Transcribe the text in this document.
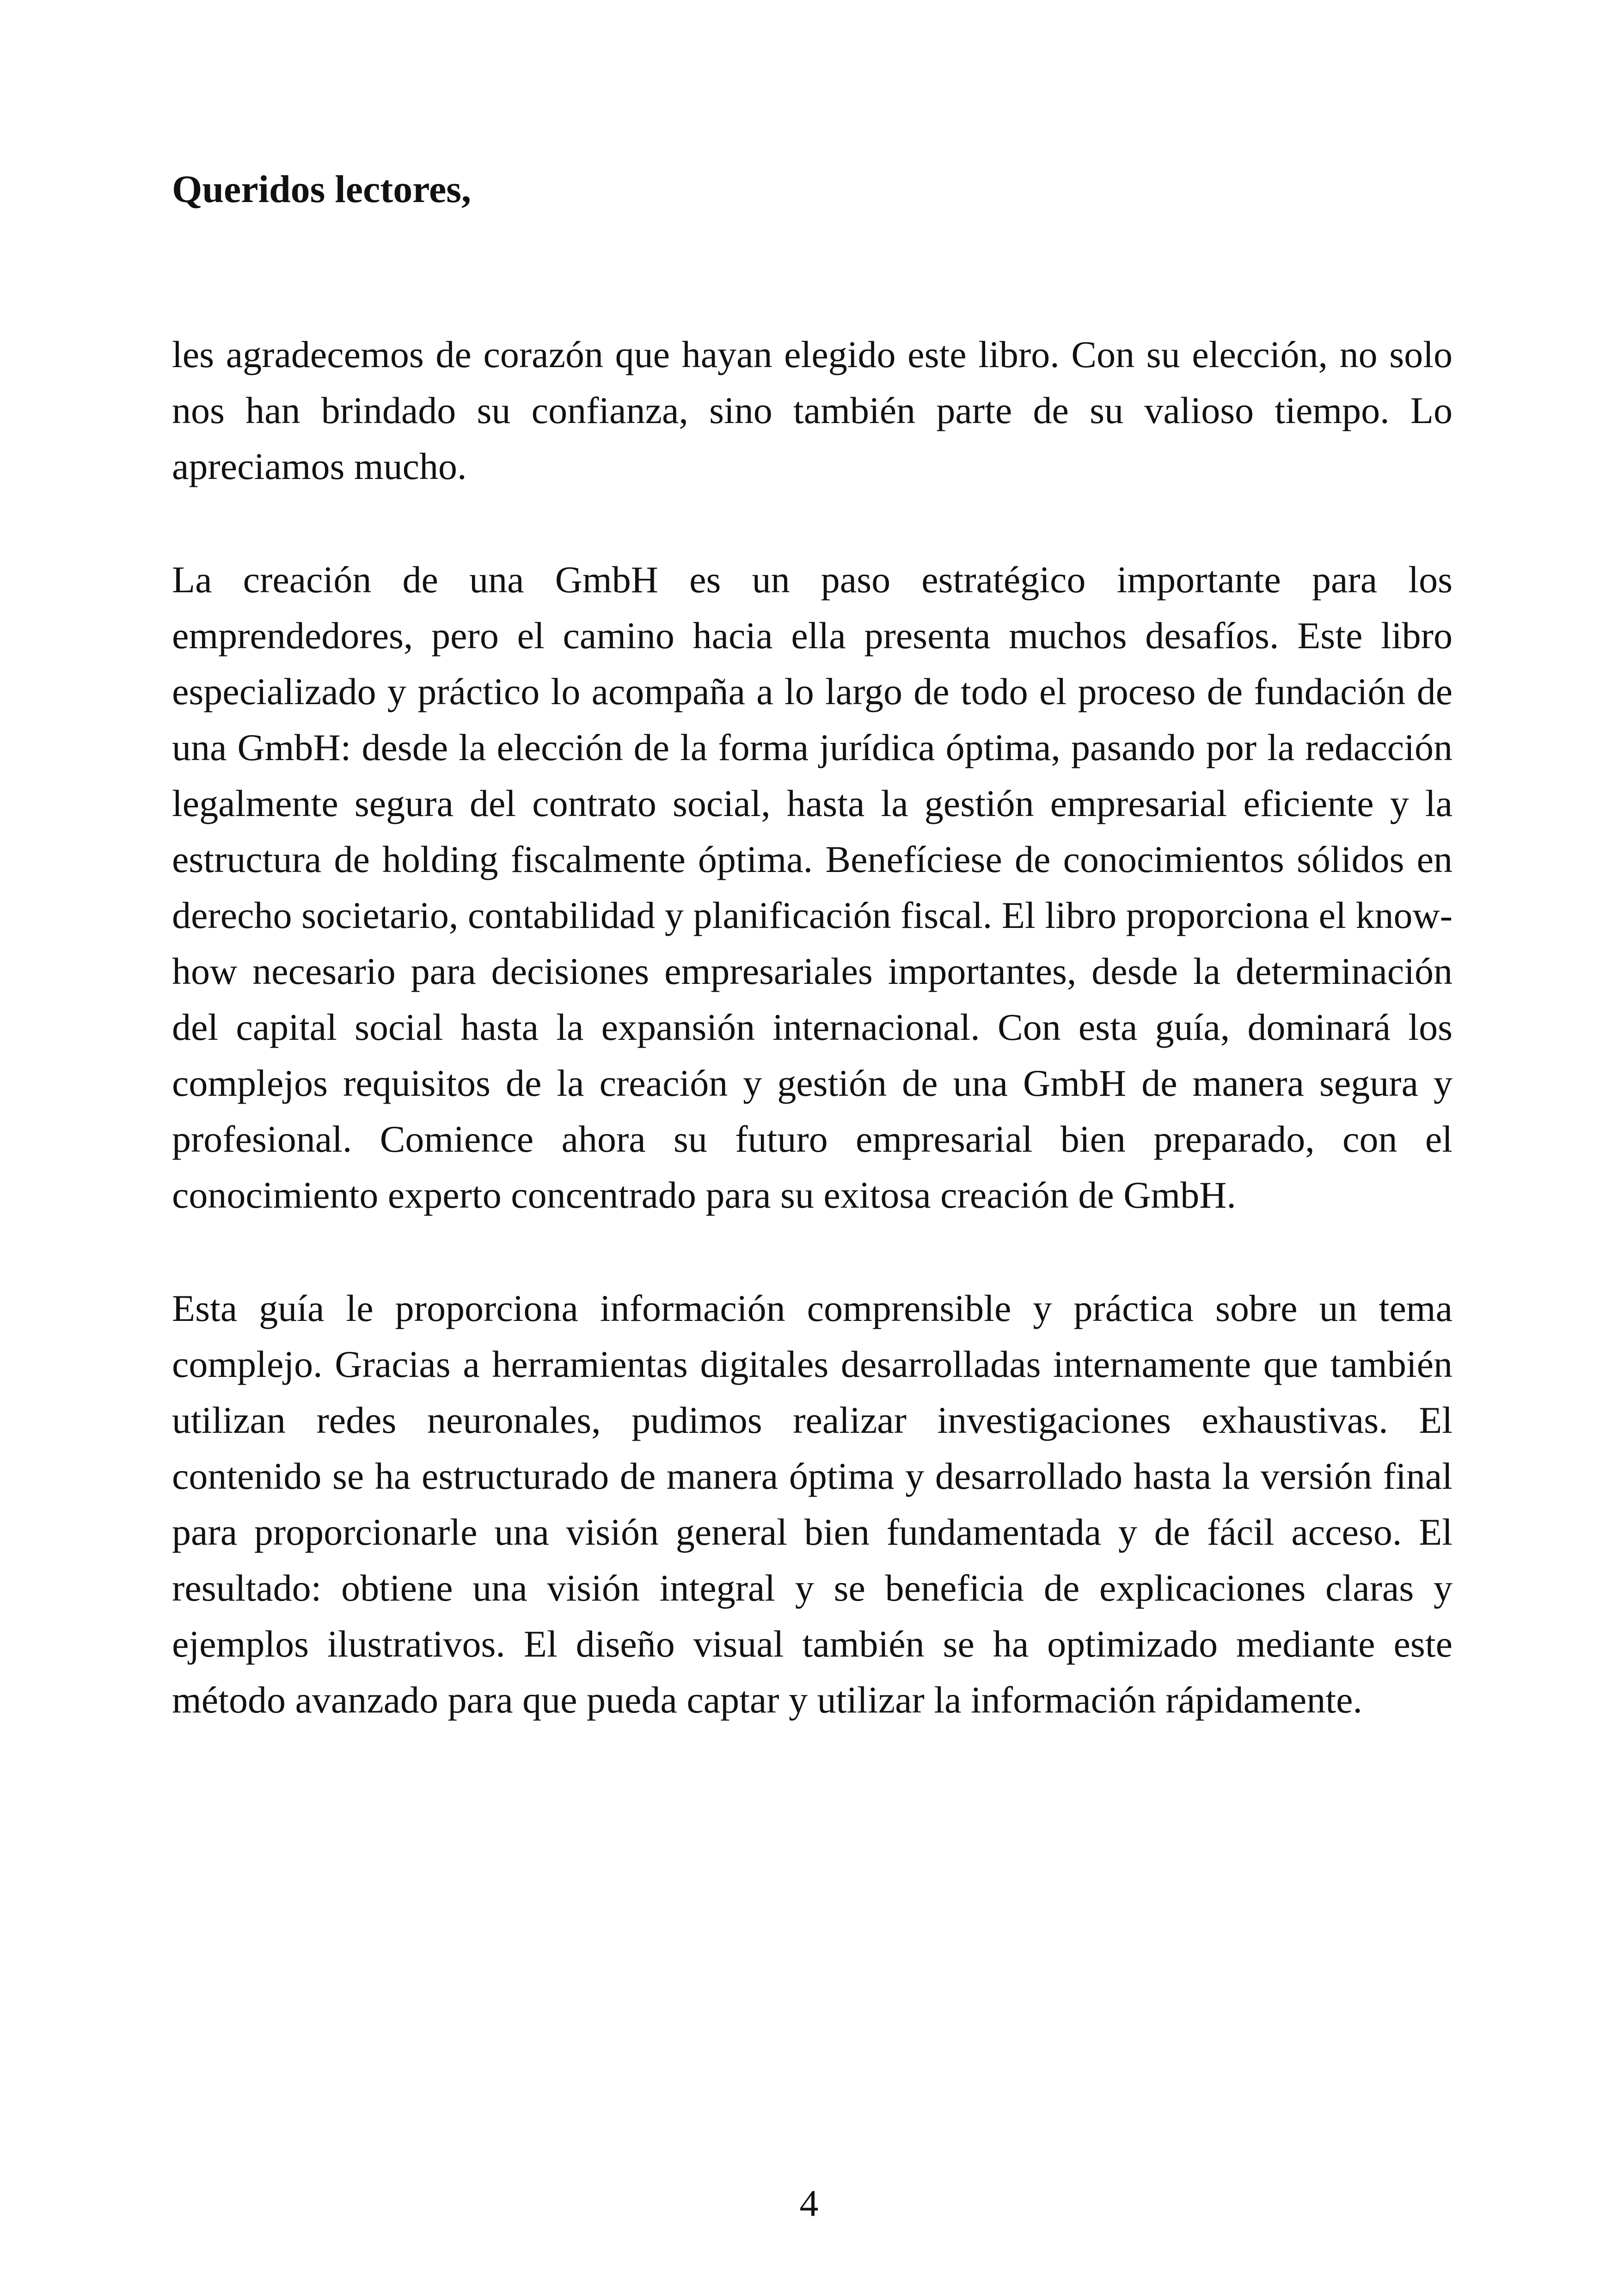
Queridos lectores,

les agradecemos de corazón que hayan elegido este libro. Con su elección, no solo nos han brindado su confianza, sino también parte de su valioso tiempo. Lo apreciamos mucho.

La creación de una GmbH es un paso estratégico importante para los emprendedores, pero el camino hacia ella presenta muchos desafíos. Este libro especializado y práctico lo acompaña a lo largo de todo el proceso de fundación de una GmbH: desde la elección de la forma jurídica óptima, pasando por la redacción legalmente segura del contrato social, hasta la gestión empresarial eficiente y la estructura de holding fiscalmente óptima. Benefíciese de conocimientos sólidos en derecho societario, contabilidad y planificación fiscal. El libro proporciona el know-how necesario para decisiones empresariales importantes, desde la determinación del capital social hasta la expansión internacional. Con esta guía, dominará los complejos requisitos de la creación y gestión de una GmbH de manera segura y profesional. Comience ahora su futuro empresarial bien preparado, con el conocimiento experto concentrado para su exitosa creación de GmbH.

Esta guía le proporciona información comprensible y práctica sobre un tema complejo. Gracias a herramientas digitales desarrolladas internamente que también utilizan redes neuronales, pudimos realizar investigaciones exhaustivas. El contenido se ha estructurado de manera óptima y desarrollado hasta la versión final para proporcionarle una visión general bien fundamentada y de fácil acceso. El resultado: obtiene una visión integral y se beneficia de explicaciones claras y ejemplos ilustrativos. El diseño visual también se ha optimizado mediante este método avanzado para que pueda captar y utilizar la información rápidamente.

4
